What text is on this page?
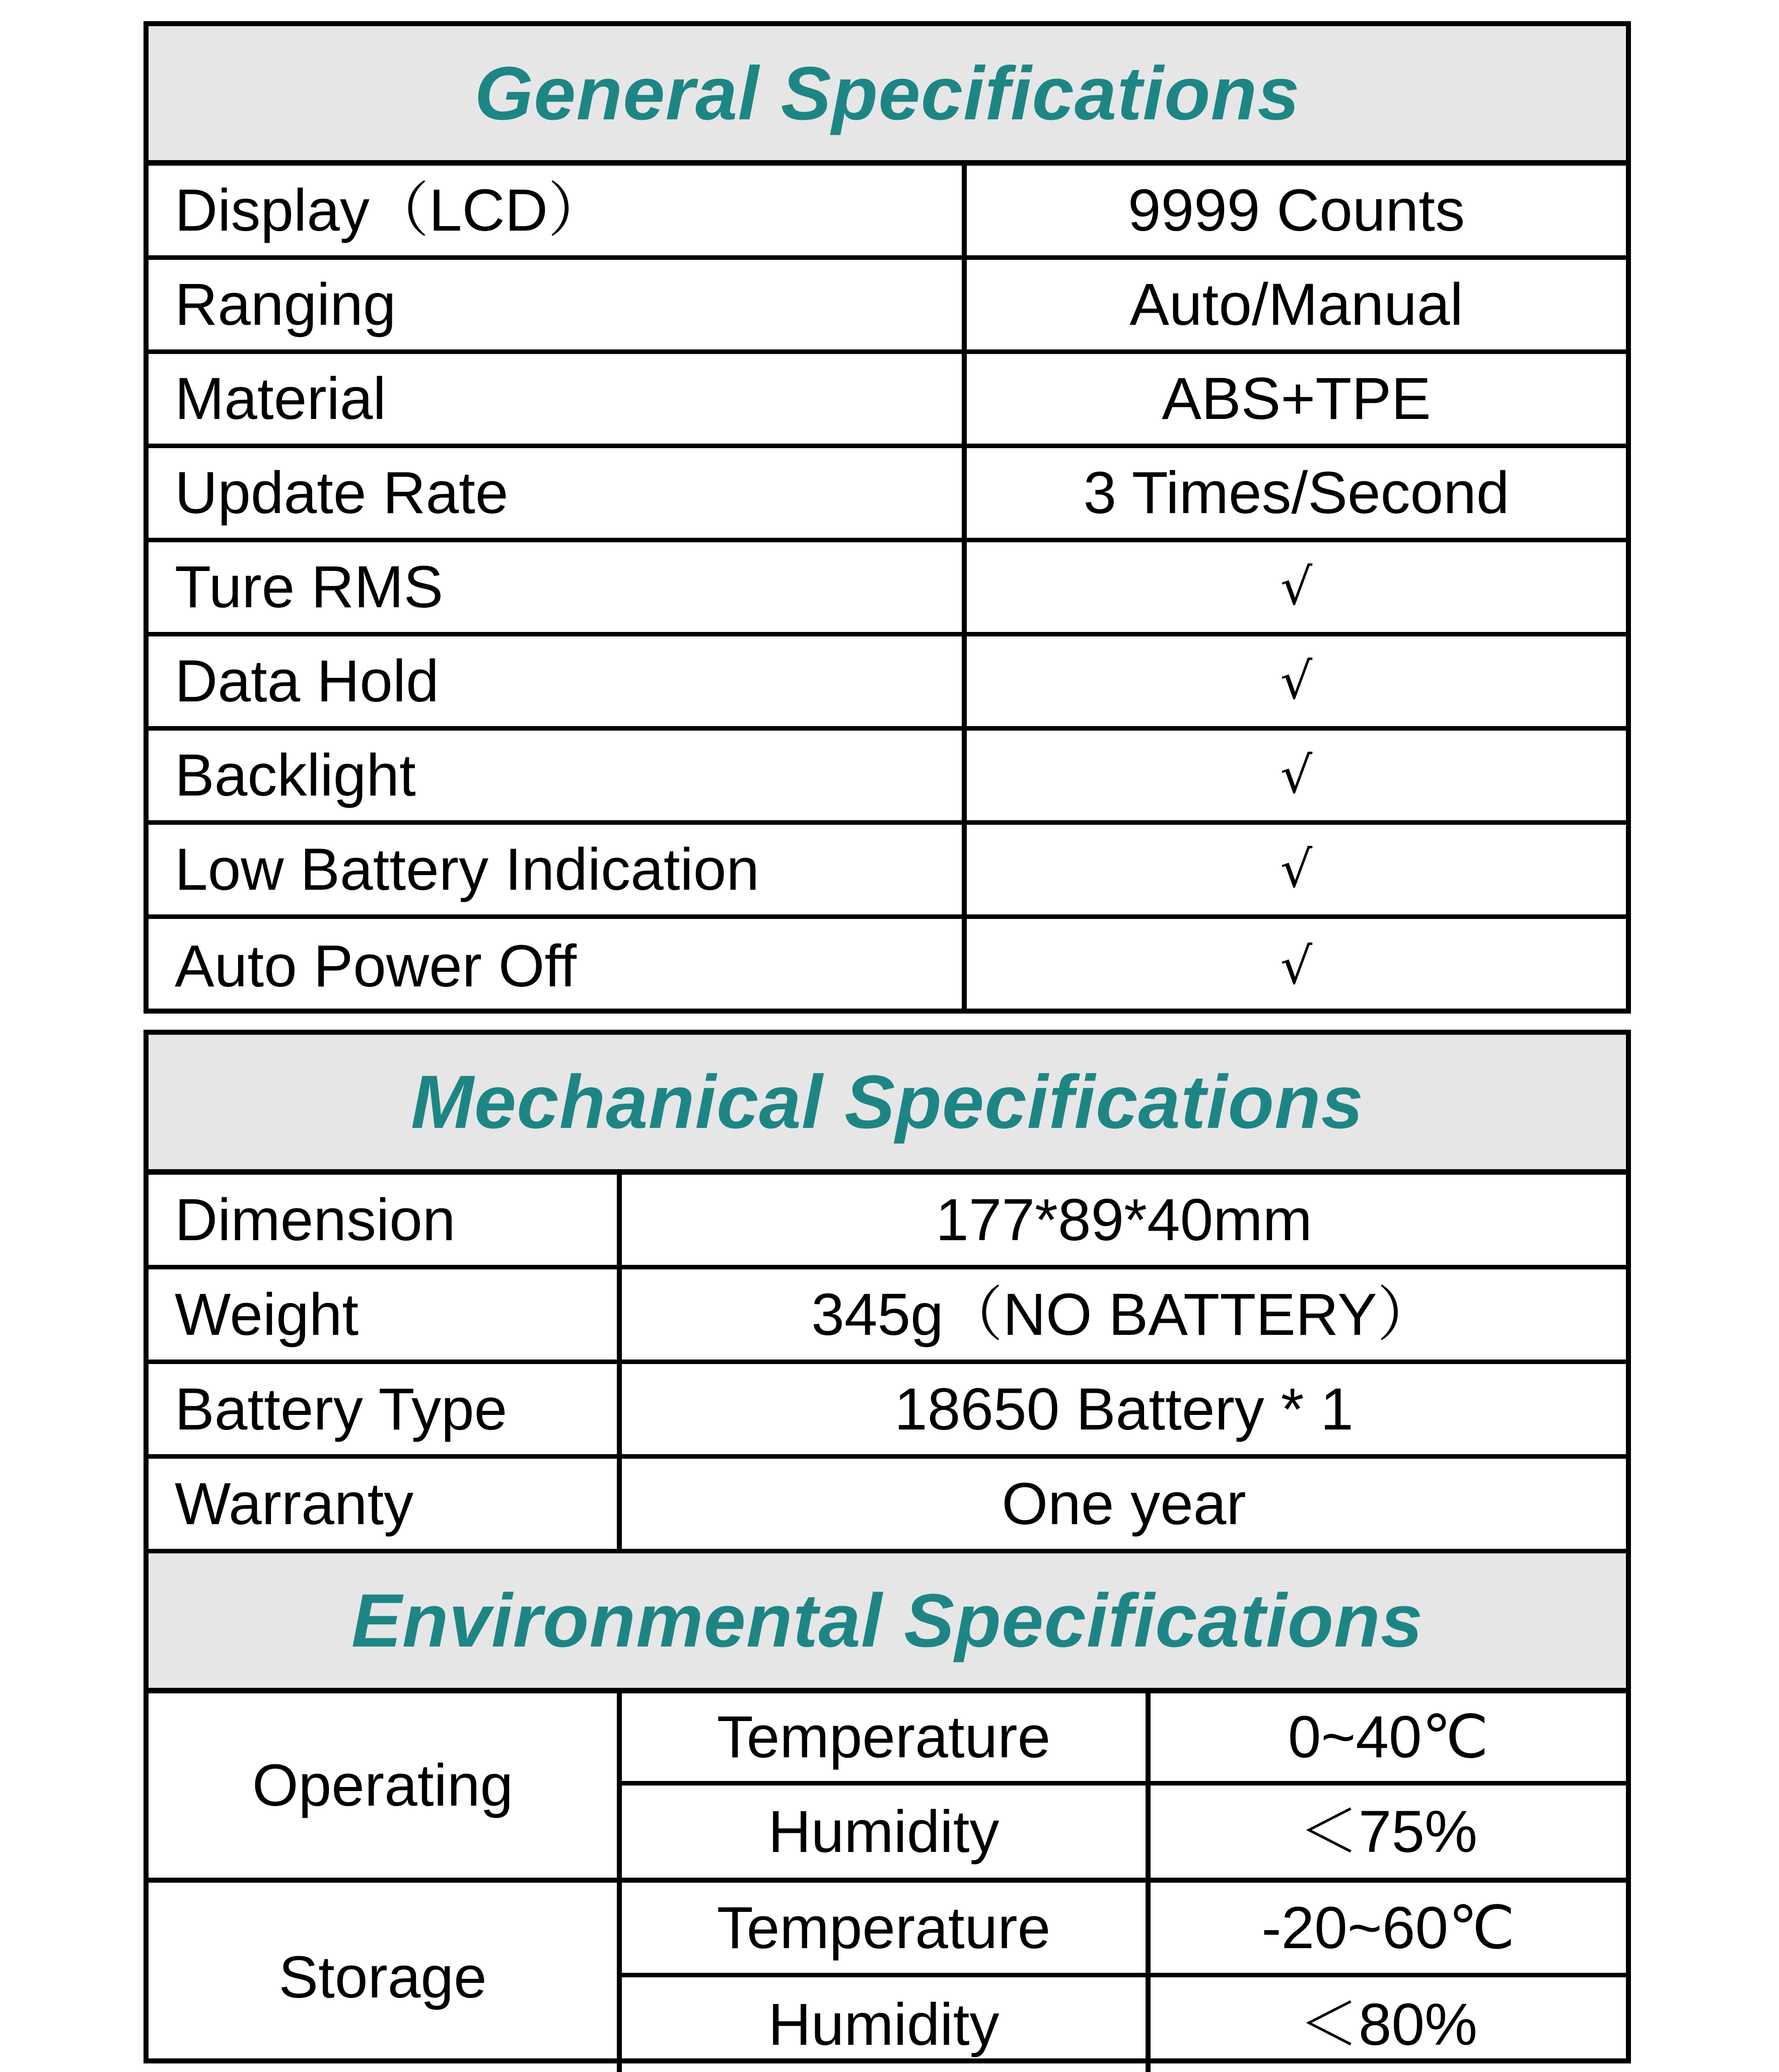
General Specifications
Display（LCD）	9999 Counts
Ranging	Auto/Manual
Material	ABS+TPE
Update Rate	3 Times/Second
Ture RMS	√
Data Hold	√
Backlight	√
Low Battery Indication	√
Auto Power Off	√
Mechanical Specifications
Dimension	177*89*40mm
Weight	345g（NO BATTERY）
Battery Type	18650 Battery * 1
Warranty	One year
Environmental Specifications
Operating
Temperature	0~40℃
Humidity	＜75%
Storage
Temperature	-20~60℃
Humidity	＜80%
